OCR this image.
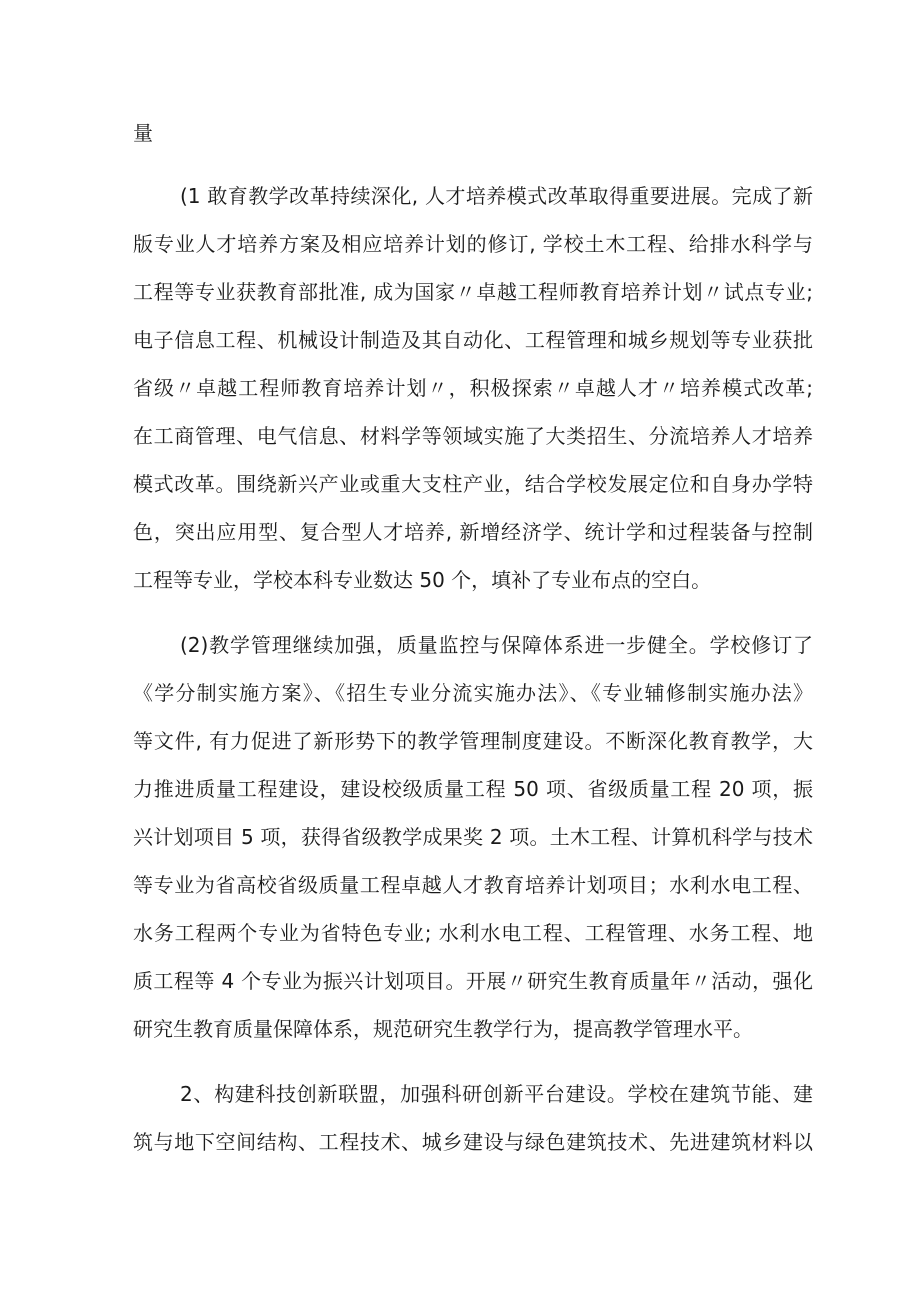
量
(1 敢育教学改革持续深化, 人才培养模式改革取得重要进展。完成了新
版专业人才培养方案及相应培养计划的修订, 学校土木工程、给排水科学与
工程等专业获教育部批准, 成为国家〃卓越工程师教育培养计划〃试点专业;
电子信息工程、机械设计制造及其自动化、工程管理和城乡规划等专业获批
省级〃卓越工程师教育培养计划〃，积极探索〃卓越人才〃培养模式改革;
在工商管理、电气信息、材料学等领域实施了大类招生、分流培养人才培养
模式改革。围绕新兴产业或重大支柱产业，结合学校发展定位和自身办学特
色，突出应用型、复合型人才培养, 新增经济学、统计学和过程装备与控制
工程等专业，学校本科专业数达 50 个，填补了专业布点的空白。
(2)教学管理继续加强，质量监控与保障体系进一步健全。学校修订了
《学分制实施方案》、《招生专业分流实施办法》、《专业辅修制实施办法》
等文件, 有力促进了新形势下的教学管理制度建设。不断深化教育教学，大
力推进质量工程建设，建设校级质量工程 50 项、省级质量工程 20 项，振
兴计划项目 5 项，获得省级教学成果奖 2 项。土木工程、计算机科学与技术
等专业为省高校省级质量工程卓越人才教育培养计划项目；水利水电工程、
水务工程两个专业为省特色专业; 水利水电工程、工程管理、水务工程、地
质工程等 4 个专业为振兴计划项目。开展〃研究生教育质量年〃活动，强化
研究生教育质量保障体系，规范研究生教学行为，提高教学管理水平。
2、构建科技创新联盟，加强科研创新平台建设。学校在建筑节能、建
筑与地下空间结构、工程技术、城乡建设与绿色建筑技术、先进建筑材料以
